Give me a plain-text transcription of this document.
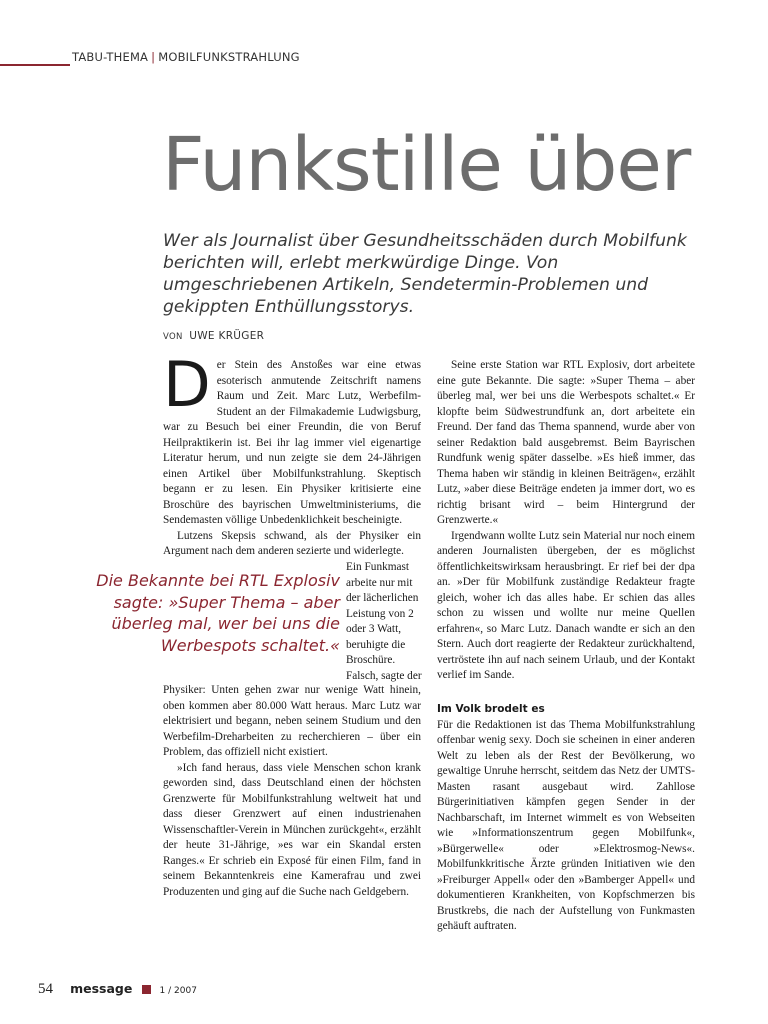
TABU-THEMA | MOBILFUNKSTRAHLUNG
Funkstille über
Wer als Journalist über Gesundheitsschäden durch Mobilfunk berichten will, erlebt merkwürdige Dinge. Von umgeschriebenen Artikeln, Sendetermin-Problemen und gekippten Enthüllungsstorys.
VON UWE KRÜGER

Der Stein des Anstoßes war eine etwas esoterisch anmutende Zeitschrift namens Raum und Zeit. Marc Lutz, Werbefilm-Student an der Filmakademie Ludwigsburg, war zu Besuch bei einer Freundin, die von Beruf Heilpraktikerin ist. Bei ihr lag immer viel eigenartige Literatur herum, und nun zeigte sie dem 24-Jährigen einen Artikel über Mobilfunkstrahlung. Skeptisch begann er zu lesen. Ein Physiker kritisierte eine Broschüre des bayrischen Umweltministeriums, die Sendemasten völlige Unbedenklichkeit bescheinigte.

Lutzens Skepsis schwand, als der Physiker ein Argument nach dem anderen sezierte und widerlegte.

Die Bekannte bei RTL Explosiv sagte: »Super Thema – aber überleg mal, wer bei uns die Werbespots schaltet.«

Ein Funkmast arbeite nur mit der lächerlichen Leistung von 2 oder 3 Watt, beruhigte die Broschüre. Falsch, sagte der

Physiker: Unten gehen zwar nur wenige Watt hinein, oben kommen aber 80.000 Watt heraus. Marc Lutz war elektrisiert und begann, neben seinem Studium und den Werbefilm-Dreharbeiten zu recherchieren – über ein Problem, das offiziell nicht existiert.

»Ich fand heraus, dass viele Menschen schon krank geworden sind, dass Deutschland einen der höchsten Grenzwerte für Mobilfunkstrahlung weltweit hat und dass dieser Grenzwert auf einen industrienahen Wissenschaftler-Verein in München zurückgeht«, erzählt der heute 31-Jährige, »es war ein Skandal ersten Ranges.« Er schrieb ein Exposé für einen Film, fand in seinem Bekanntenkreis eine Kamerafrau und zwei Produzenten und ging auf die Suche nach Geldgebern.

Seine erste Station war RTL Explosiv, dort arbeitete eine gute Bekannte. Die sagte: »Super Thema – aber überleg mal, wer bei uns die Werbespots schaltet.« Er klopfte beim Südwestrundfunk an, dort arbeitete ein Freund. Der fand das Thema spannend, wurde aber von seiner Redaktion bald ausgebremst. Beim Bayrischen Rundfunk wenig später dasselbe. »Es hieß immer, das Thema haben wir ständig in kleinen Beiträgen«, erzählt Lutz, »aber diese Beiträge endeten ja immer dort, wo es richtig brisant wird – beim Hintergrund der Grenzwerte.«

Irgendwann wollte Lutz sein Material nur noch einem anderen Journalisten übergeben, der es möglichst öffentlichkeitswirksam herausbringt. Er rief bei der dpa an. »Der für Mobilfunk zuständige Redakteur fragte gleich, woher ich das alles habe. Er schien das alles schon zu wissen und wollte nur meine Quellen erfahren«, so Marc Lutz. Danach wandte er sich an den Stern. Auch dort reagierte der Redakteur zurückhaltend, vertröstete ihn auf nach seinem Urlaub, und der Kontakt verlief im Sande.

Im Volk brodelt es

Für die Redaktionen ist das Thema Mobilfunkstrahlung offenbar wenig sexy. Doch sie scheinen in einer anderen Welt zu leben als der Rest der Bevölkerung, wo gewaltige Unruhe herrscht, seitdem das Netz der UMTS-Masten rasant ausgebaut wird. Zahllose Bürgerinitiativen kämpfen gegen Sender in der Nachbarschaft, im Internet wimmelt es von Webseiten wie »Informationszentrum gegen Mobilfunk«, »Bürgerwelle« oder »Elektrosmog-News«. Mobilfunkkritische Ärzte gründen Initiativen wie den »Freiburger Appell« oder den »Bamberger Appell« und dokumentieren Krankheiten, von Kopfschmerzen bis Brustkrebs, die nach der Aufstellung von Funkmasten gehäuft auftraten.

54 message	1 / 2007
